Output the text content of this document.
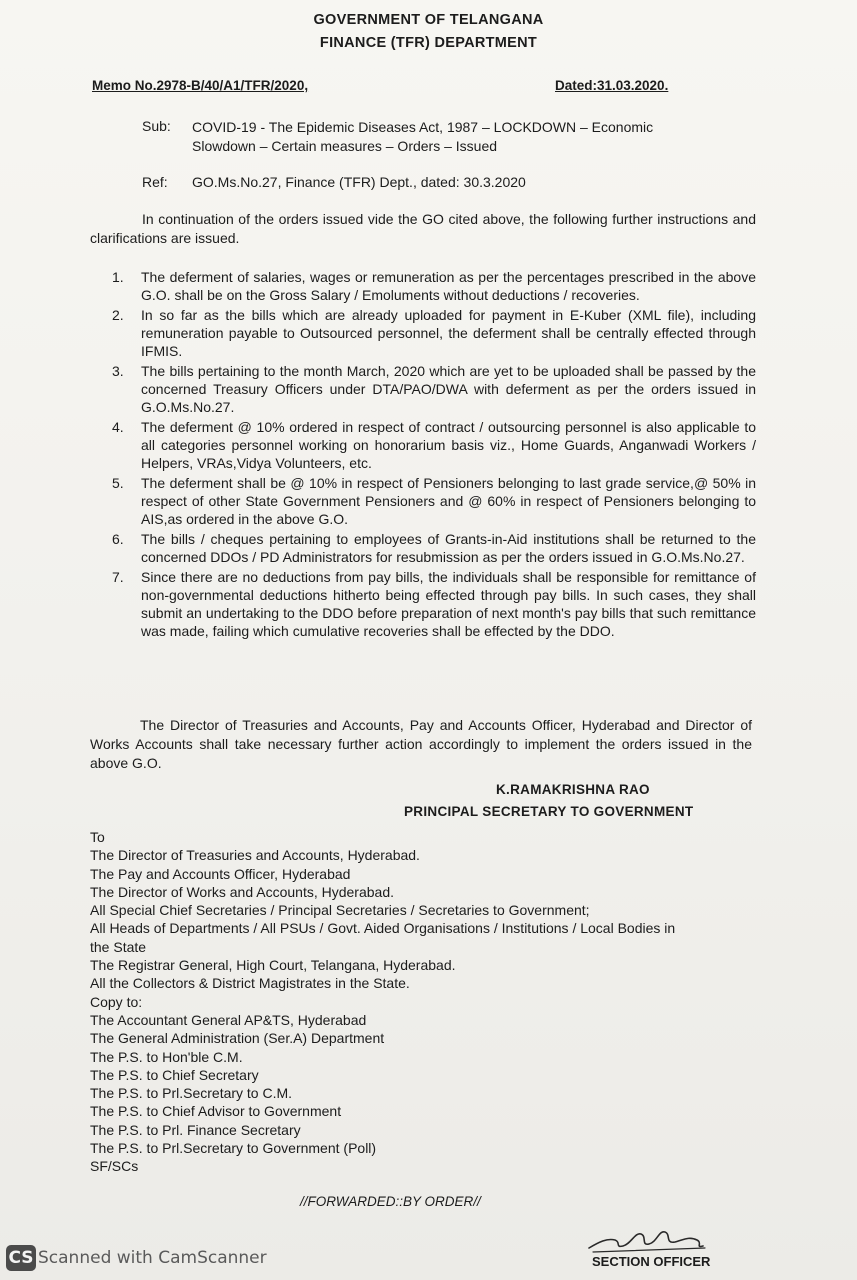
GOVERNMENT OF TELANGANA
FINANCE (TFR) DEPARTMENT
Memo No.2978-B/40/A1/TFR/2020,	Dated:31.03.2020.
Sub: COVID-19 - The Epidemic Diseases Act, 1987 – LOCKDOWN – Economic Slowdown – Certain measures – Orders – Issued
Ref: GO.Ms.No.27, Finance (TFR) Dept., dated: 30.3.2020
In continuation of the orders issued vide the GO cited above, the following further instructions and clarifications are issued.
1.	The deferment of salaries, wages or remuneration as per the percentages prescribed in the above G.O. shall be on the Gross Salary / Emoluments without deductions / recoveries.
2.	In so far as the bills which are already uploaded for payment in E-Kuber (XML file), including remuneration payable to Outsourced personnel, the deferment shall be centrally effected through IFMIS.
3.	The bills pertaining to the month March, 2020 which are yet to be uploaded shall be passed by the concerned Treasury Officers under DTA/PAO/DWA with deferment as per the orders issued in G.O.Ms.No.27.
4.	The deferment @ 10% ordered in respect of contract / outsourcing personnel is also applicable to all categories personnel working on honorarium basis viz., Home Guards, Anganwadi Workers / Helpers, VRAs,Vidya Volunteers, etc.
5.	The deferment shall be @ 10% in respect of Pensioners belonging to last grade service,@ 50% in respect of other State Government Pensioners and @ 60% in respect of Pensioners belonging to AIS,as ordered in the above G.O.
6.	The bills / cheques pertaining to employees of Grants-in-Aid institutions shall be returned to the concerned DDOs / PD Administrators for resubmission as per the orders issued in G.O.Ms.No.27.
7.	Since there are no deductions from pay bills, the individuals shall be responsible for remittance of non-governmental deductions hitherto being effected through pay bills. In such cases, they shall submit an undertaking to the DDO before preparation of next month's pay bills that such remittance was made, failing which cumulative recoveries shall be effected by the DDO.
The Director of Treasuries and Accounts, Pay and Accounts Officer, Hyderabad and Director of Works Accounts shall take necessary further action accordingly to implement the orders issued in the above G.O.
K.RAMAKRISHNA RAO
PRINCIPAL SECRETARY TO GOVERNMENT
To
The Director of Treasuries and Accounts, Hyderabad.
The Pay and Accounts Officer, Hyderabad
The Director of Works and Accounts, Hyderabad.
All Special Chief Secretaries / Principal Secretaries / Secretaries to Government;
All Heads of Departments / All PSUs / Govt. Aided Organisations / Institutions / Local Bodies in
the State
The Registrar General, High Court, Telangana, Hyderabad.
All the Collectors & District Magistrates in the State.
Copy to:
The Accountant General AP&TS, Hyderabad
The General Administration (Ser.A) Department
The P.S. to Hon'ble C.M.
The P.S. to Chief Secretary
The P.S. to Prl.Secretary to C.M.
The P.S. to Chief Advisor to Government
The P.S. to Prl. Finance Secretary
The P.S. to Prl.Secretary to Government (Poll)
SF/SCs
//FORWARDED::BY ORDER//
SECTION OFFICER
CS Scanned with CamScanner
